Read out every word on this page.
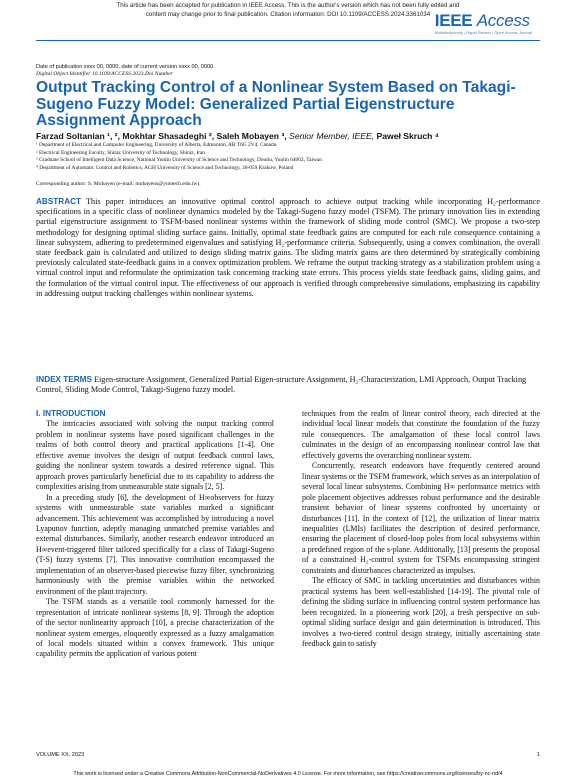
This article has been accepted for publication in IEEE Access. This is the author's version which has not been fully edited and
content may change prior to final publication. Citation information: DOI 10.1109/ACCESS.2024.3361034 IEEE Access
Multidisciplinary | Rapid Review | Open Access Journal
Date of publication xxxx 00, 0000, date of current version xxxx 00, 0000.
Digital Object Identifier 10.1109/ACCESS.2023.Doi Number
Output Tracking Control of a Nonlinear System Based on Takagi-Sugeno Fuzzy Model: Generalized Partial Eigenstructure Assignment Approach
Farzad Soltanian ¹, ², Mokhtar Shasadeghi ², Saleh Mobayen ³, Senior Member, IEEE, Paweł Skruch ⁴
¹ Department of Electrical and Computer Engineering, University of Alberta, Edmonton, AB T6G 2V4, Canada.
² Electrical Engineering Faculty, Shiraz University of Technology, Shiraz, Iran
³ Graduate School of Intelligent Data Science, National Yunlin University of Science and Technology, Douliu, Yunlin 64002, Taiwan
⁴ Department of Automatic Control and Robotics, AGH University of Science and Technology, 30-059 Kraków, Poland
Corresponding author: S. Mobayen (e-mail: mobayens@yuntech.edu.tw).
ABSTRACT This paper introduces an innovative optimal control approach to achieve output tracking while incorporating H₂-performance specifications in a specific class of nonlinear dynamics modeled by the Takagi-Sugeno fuzzy model (TSFM). The primary innovation lies in extending partial eigenstructure assignment to TSFM-based nonlinear systems within the framework of sliding mode control (SMC). We propose a two-step methodology for designing optimal sliding surface gains. Initially, optimal state feedback gains are computed for each rule consequence containing a linear subsystem, adhering to predetermined eigenvalues and satisfying H₂-performance criteria. Subsequently, using a convex combination, the overall state feedback gain is calculated and utilized to design sliding matrix gains. The sliding matrix gains are then determined by strategically combining previously calculated state-feedback gains in a convex optimization problem. We reframe the output tracking strategy as a stabilization problem using a virtual control input and reformulate the optimization task concerning tracking state errors. This process yields state feedback gains, sliding gains, and the formulation of the virtual control input. The effectiveness of our approach is verified through comprehensive simulations, emphasizing its capability in addressing output tracking challenges within nonlinear systems.
INDEX TERMS Eigen-structure Assignment, Generalized Partial Eigen-structure Assignment, H₂-Characterization, LMI Approach, Output Tracking Control, Sliding Mode Control, Takagi-Sugeno fuzzy model.
I. INTRODUCTION

The intricacies associated with solving the output tracking control problem in nonlinear systems have posed significant challenges in the realms of both control theory and practical applications [1-4]. One effective avenue involves the design of output feedback control laws, guiding the nonlinear system towards a desired reference signal. This approach proves particularly beneficial due to its capability to address the complexities arising from unmeasurable state signals [2, 5].

In a preceding study [6], the development of H∞observers for fuzzy systems with unmeasurable state variables marked a significant advancement. This achievement was accomplished by introducing a novel Lyapunov function, adeptly managing unmatched premise variables and external disturbances. Similarly, another research endeavor introduced an H∞event-triggered filter tailored specifically for a class of Takagi-Sugeno (T-S) fuzzy systems [7]. This innovative contribution encompassed the implementation of an observer-based piecewise fuzzy filter, synchronizing harmoniously with the premise variables within the networked environment of the plant trajectory.

The TSFM stands as a versatile tool commonly harnessed for the representation of intricate nonlinear systems [8, 9]. Through the adoption of the sector nonlinearity approach [10], a precise characterization of the nonlinear system emerges, eloquently expressed as a fuzzy amalgamation of local models situated within a convex framework. This unique capability permits the application of various potent

techniques from the realm of linear control theory, each directed at the individual local linear models that constitute the foundation of the fuzzy rule consequences. The amalgamation of these local control laws culminates in the design of an encompassing nonlinear control law that effectively governs the overarching nonlinear system.

Concurrently, research endeavors have frequently centered around linear systems or the TSFM framework, which serves as an interpolation of several local linear subsystems. Combining H∞ performance metrics with pole placement objectives addresses robust performance and the desirable transient behavior of linear systems confronted by uncertainty or disturbances [11]. In the context of [12], the utilization of linear matrix inequalities (LMIs) facilitates the description of desired performance, ensuring the placement of closed-loop poles from local subsystems within a predefined region of the s-plane. Additionally, [13] presents the proposal of a constrained H₂-control system for TSFMs encompassing stringent constraints and disturbances characterized as impulses.

The efficacy of SMC in tackling uncertainties and disturbances within practical systems has been well-established [14-19]. The pivotal role of defining the sliding surface in influencing control system performance has been recognized. In a pioneering work [20], a fresh perspective on sub-optimal sliding surface design and gain determination is introduced. This involves a two-tiered control design strategy, initially ascertaining state feedback gain to satisfy

VOLUME XX, 2023	1
This work is licensed under a Creative Commons Attribution-NonCommercial-NoDerivatives 4.0 License. For more information, see https://creativecommons.org/licenses/by-nc-nd/4
